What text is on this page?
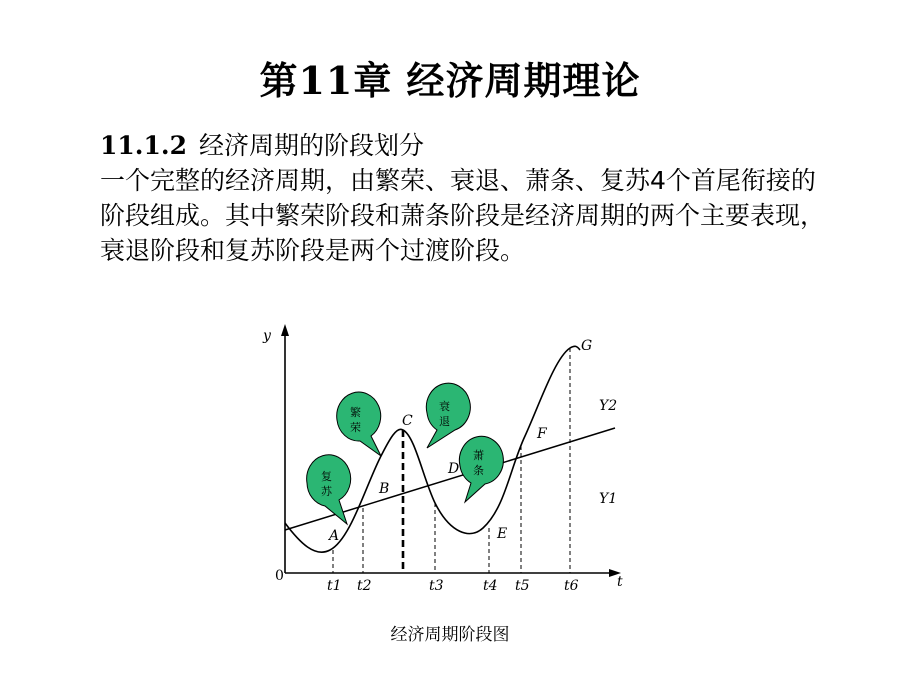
第11章 经济周期理论
11.1.2 经济周期的阶段划分
一个完整的经济周期，由繁荣、衰退、萧条、复苏4个首尾衔接的阶段组成。其中繁荣阶段和萧条阶段是经济周期的两个主要表现，衰退阶段和复苏阶段是两个过渡阶段。
y
t
0
t1 t2	t3	t4 t5 t6
A
B
C
D
E
F
G
Y2
Y1
繁
荣
衰
退
萧
条
复
苏
经济周期阶段图
